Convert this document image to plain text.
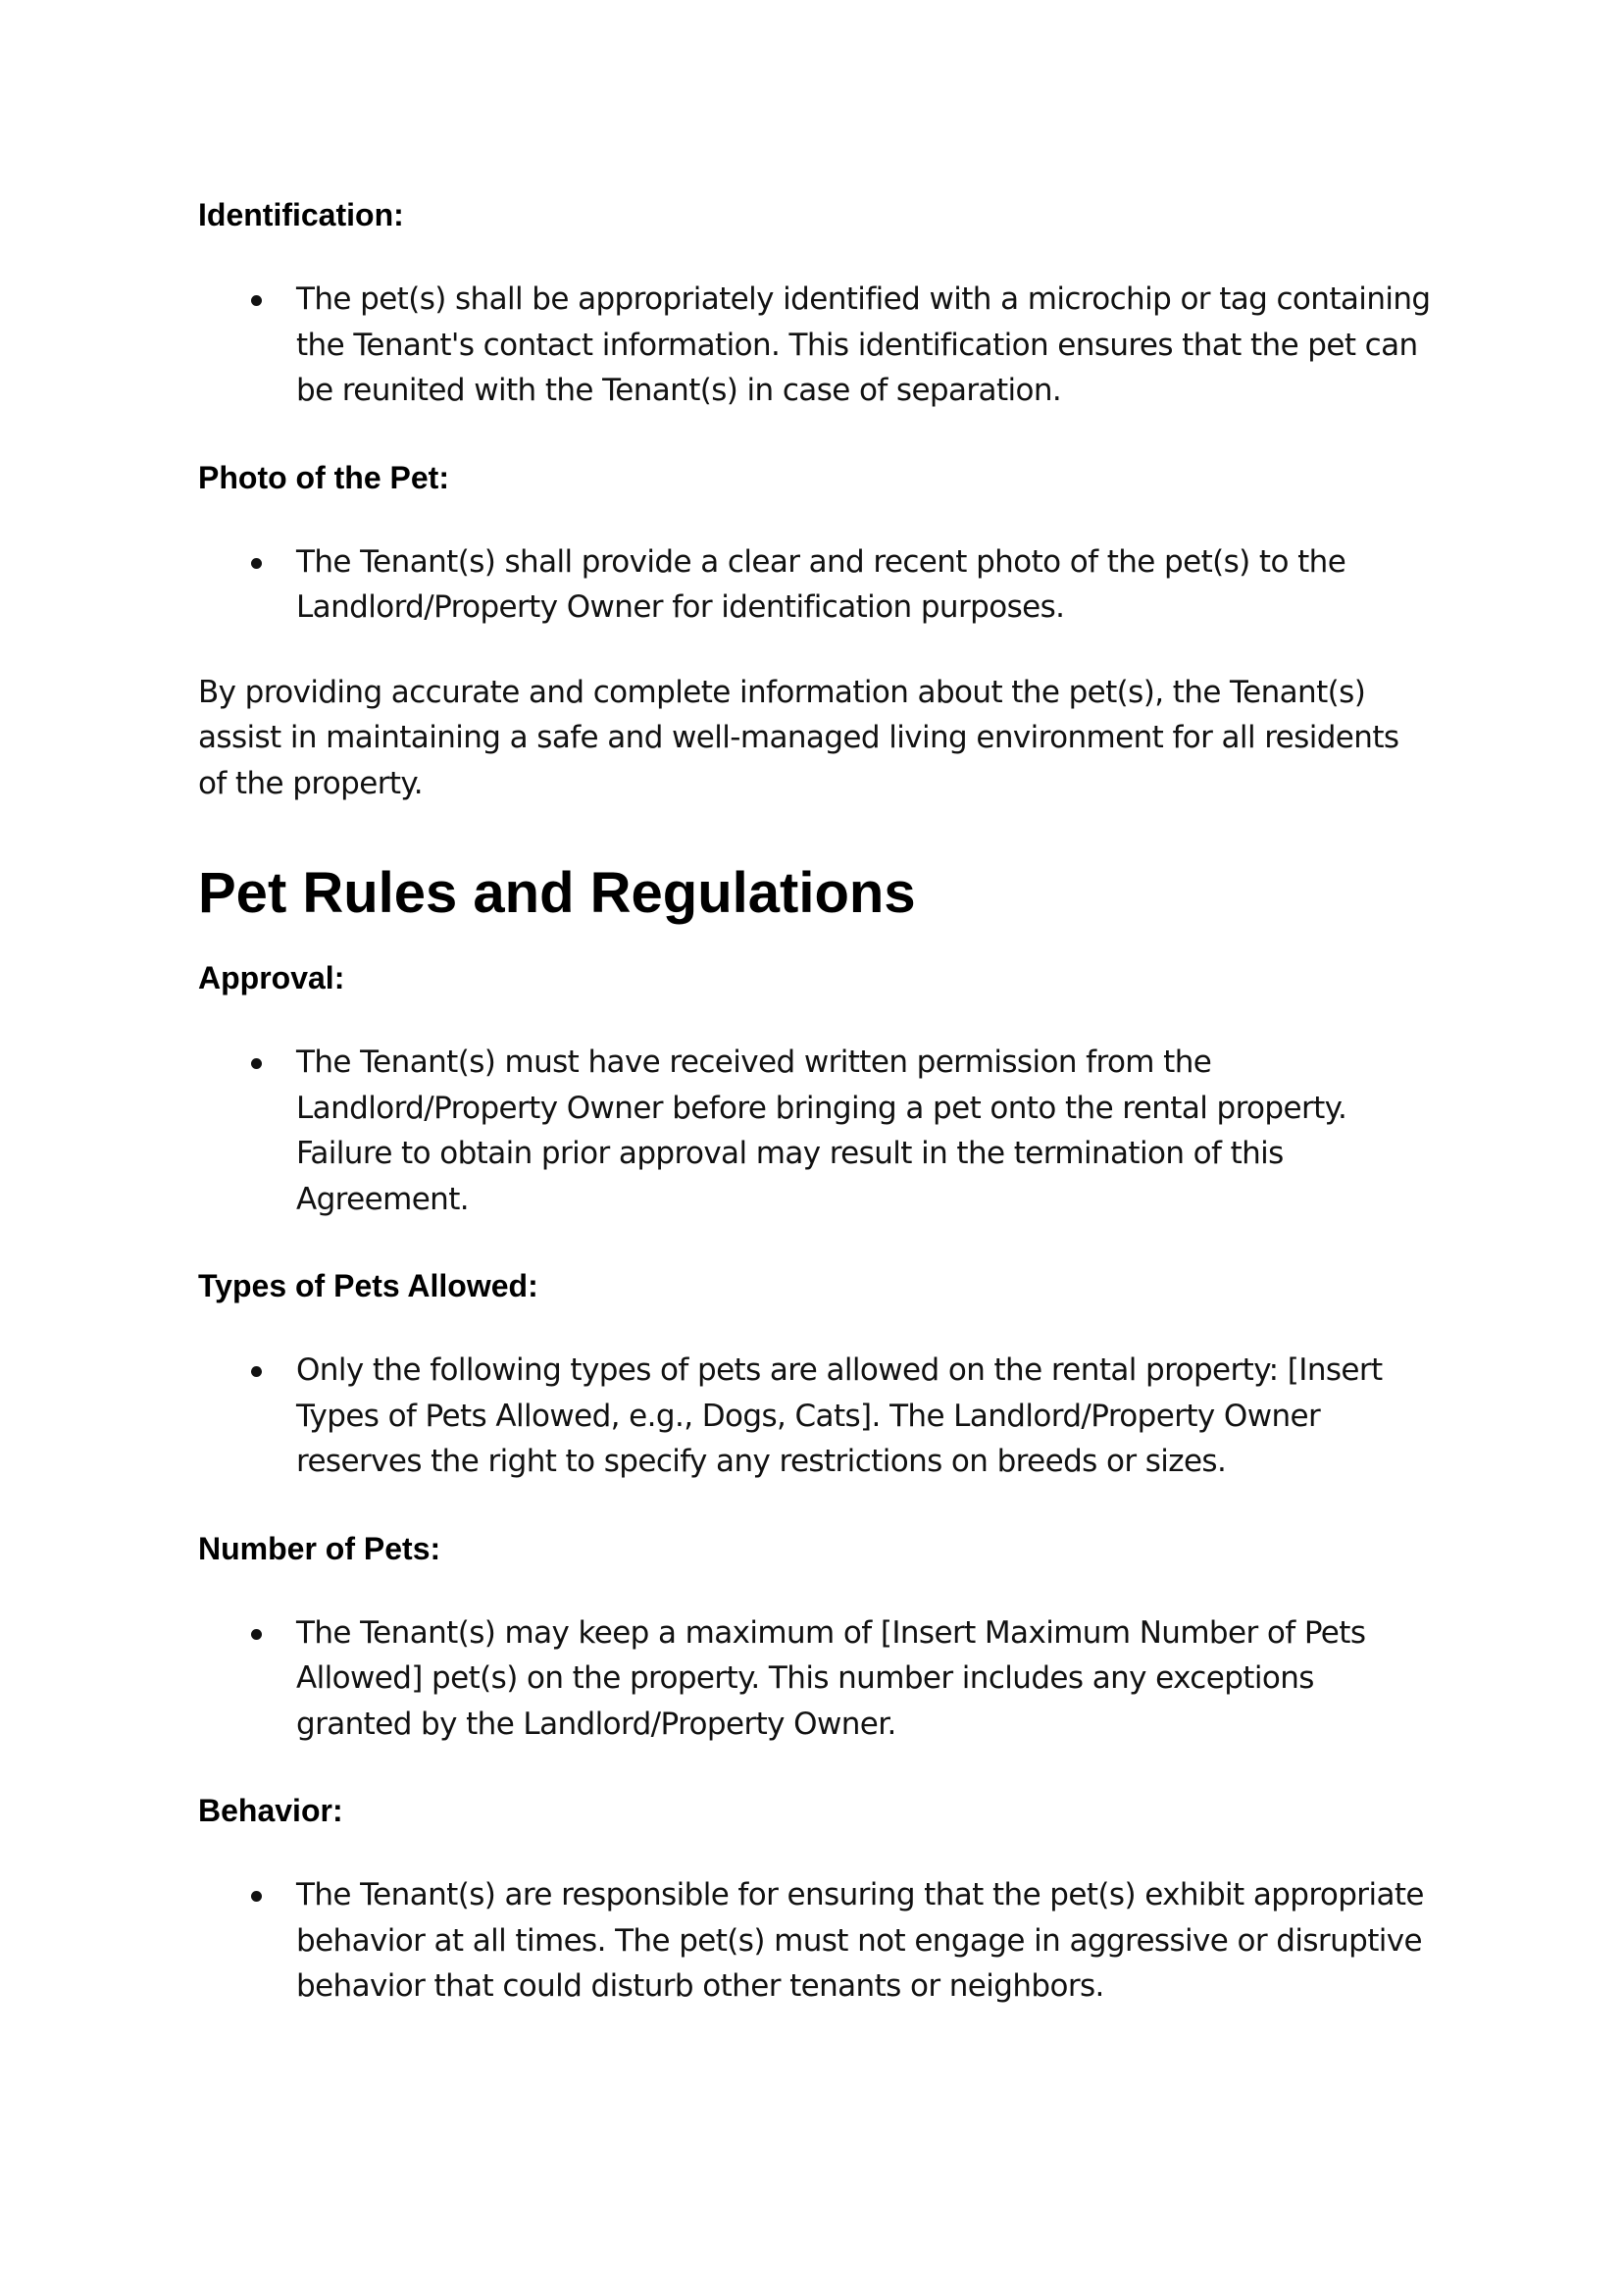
Identification:

The pet(s) shall be appropriately identified with a microchip or tag containing the Tenant's contact information. This identification ensures that the pet can be reunited with the Tenant(s) in case of separation.

Photo of the Pet:

The Tenant(s) shall provide a clear and recent photo of the pet(s) to the Landlord/Property Owner for identification purposes.

By providing accurate and complete information about the pet(s), the Tenant(s) assist in maintaining a safe and well-managed living environment for all residents of the property.

Pet Rules and Regulations

Approval:

The Tenant(s) must have received written permission from the Landlord/Property Owner before bringing a pet onto the rental property. Failure to obtain prior approval may result in the termination of this Agreement.

Types of Pets Allowed:

Only the following types of pets are allowed on the rental property: [Insert Types of Pets Allowed, e.g., Dogs, Cats]. The Landlord/Property Owner reserves the right to specify any restrictions on breeds or sizes.

Number of Pets:

The Tenant(s) may keep a maximum of [Insert Maximum Number of Pets Allowed] pet(s) on the property. This number includes any exceptions granted by the Landlord/Property Owner.

Behavior:

The Tenant(s) are responsible for ensuring that the pet(s) exhibit appropriate behavior at all times. The pet(s) must not engage in aggressive or disruptive behavior that could disturb other tenants or neighbors.
